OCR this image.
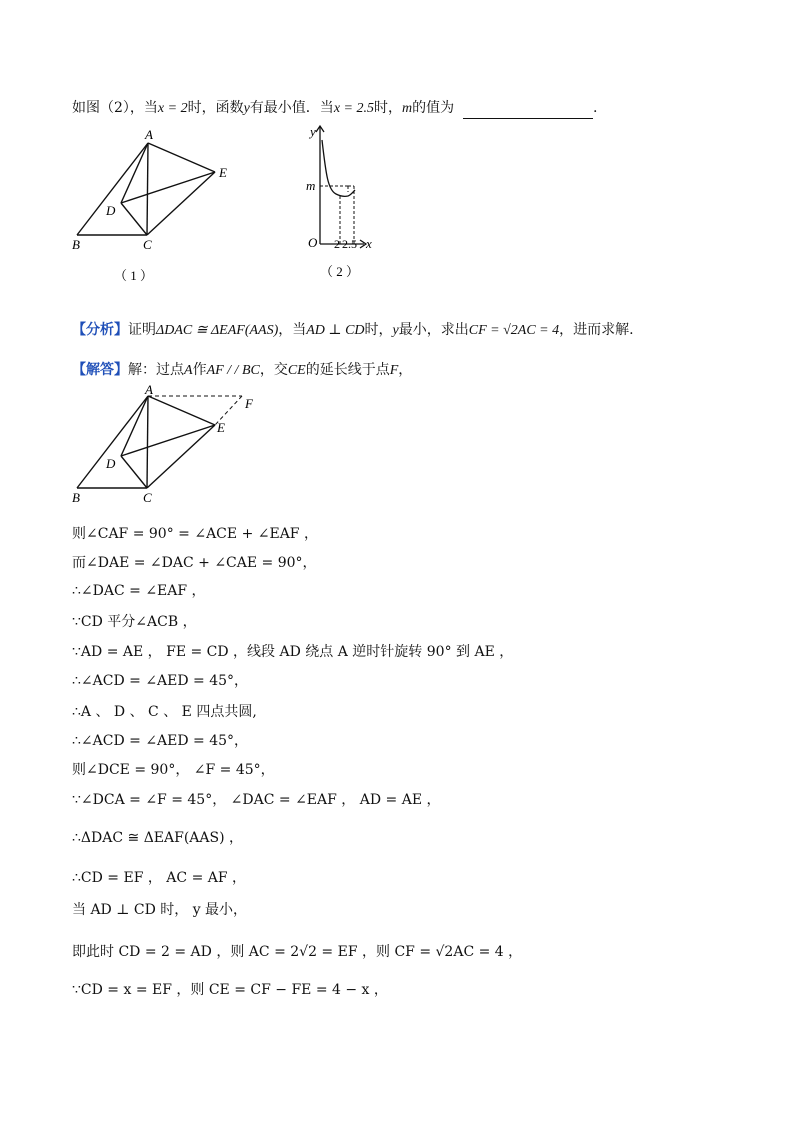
如图（2），当x = 2时，函数y有最小值．当x = 2.5时，m的值为	.
A
B	C
D
E
（ 1 ）
y
m
O 2 2.5 x
（ 2 ）
【分析】证明ΔDAC ≅ ΔEAF(AAS)，当AD ⊥ CD时，y最小，求出CF = √2AC = 4，进而求解.
【解答】解：过点A作AF / / BC，交CE的延长线于点F，
A
B	C
D
E
F
则∠CAF = 90° = ∠ACE + ∠EAF ，
而∠DAE = ∠DAC + ∠CAE = 90°，
∴∠DAC = ∠EAF ，
∵CD 平分∠ACB ，
∵AD = AE ， FE = CD ，线段 AD 绕点 A 逆时针旋转 90° 到 AE ，
∴∠ACD = ∠AED = 45°，
∴A 、 D 、 C 、 E 四点共圆,
∴∠ACD = ∠AED = 45°，
则∠DCE = 90°， ∠F = 45°，
∵∠DCA = ∠F = 45°， ∠DAC = ∠EAF ， AD = AE ，
∴ΔDAC ≅ ΔEAF(AAS) ，
∴CD = EF ， AC = AF ，
当 AD ⊥ CD 时， y 最小，
即此时 CD = 2 = AD ，则 AC = 2√2 = EF ，则 CF = √2AC = 4 ，
∵CD = x = EF ，则 CE = CF − FE = 4 − x ，
